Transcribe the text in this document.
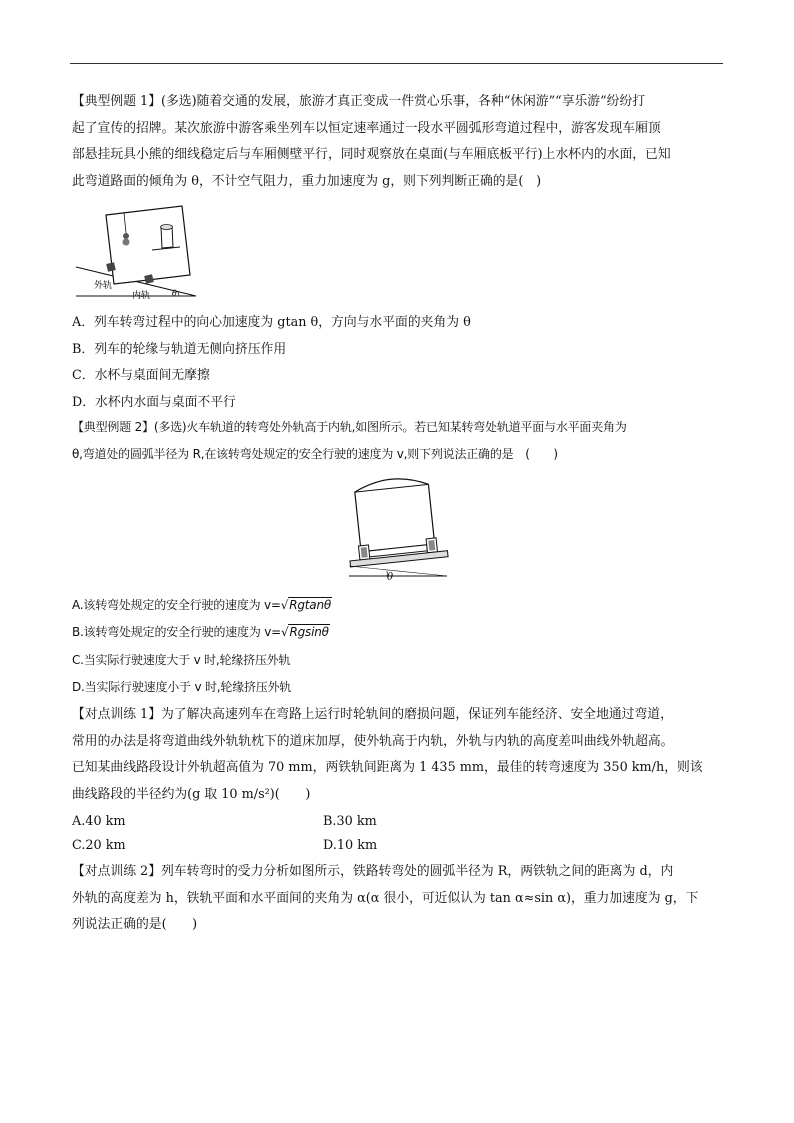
【典型例题 1】(多选)随着交通的发展，旅游才真正变成一件赏心乐事，各种“休闲游”“享乐游”纷纷打
起了宣传的招牌。某次旅游中游客乘坐列车以恒定速率通过一段水平圆弧形弯道过程中，游客发现车厢顶
部悬挂玩具小熊的细线稳定后与车厢侧壁平行，同时观察放在桌面(与车厢底板平行)上水杯内的水面，已知
此弯道路面的倾角为 θ，不计空气阻力，重力加速度为 g，则下列判断正确的是(　)
外轨
内轨	θ
A．列车转弯过程中的向心加速度为 gtan θ，方向与水平面的夹角为 θ
B．列车的轮缘与轨道无侧向挤压作用
C．水杯与桌面间无摩擦
D．水杯内水面与桌面不平行
【典型例题 2】(多选)火车轨道的转弯处外轨高于内轨,如图所示。若已知某转弯处轨道平面与水平面夹角为
θ,弯道处的圆弧半径为 R,在该转弯处规定的安全行驶的速度为 v,则下列说法正确的是　(　　)
θ
A.该转弯处规定的安全行驶的速度为 v=√Rgtanθ
B.该转弯处规定的安全行驶的速度为 v=√Rgsinθ
C.当实际行驶速度大于 v 时,轮缘挤压外轨
D.当实际行驶速度小于 v 时,轮缘挤压外轨
【对点训练 1】为了解决高速列车在弯路上运行时轮轨间的磨损问题，保证列车能经济、安全地通过弯道，
常用的办法是将弯道曲线外轨轨枕下的道床加厚，使外轨高于内轨，外轨与内轨的高度差叫曲线外轨超高。
已知某曲线路段设计外轨超高值为 70 mm，两铁轨间距离为 1 435 mm，最佳的转弯速度为 350 km/h，则该
曲线路段的半径约为(g 取 10 m/s²)(　　)
A.40 km	B.30 km
C.20 km	D.10 km
【对点训练 2】列车转弯时的受力分析如图所示，铁路转弯处的圆弧半径为 R，两铁轨之间的距离为 d，内
外轨的高度差为 h，铁轨平面和水平面间的夹角为 α(α 很小，可近似认为 tan α≈sin α)，重力加速度为 g，下
列说法正确的是(　　)
